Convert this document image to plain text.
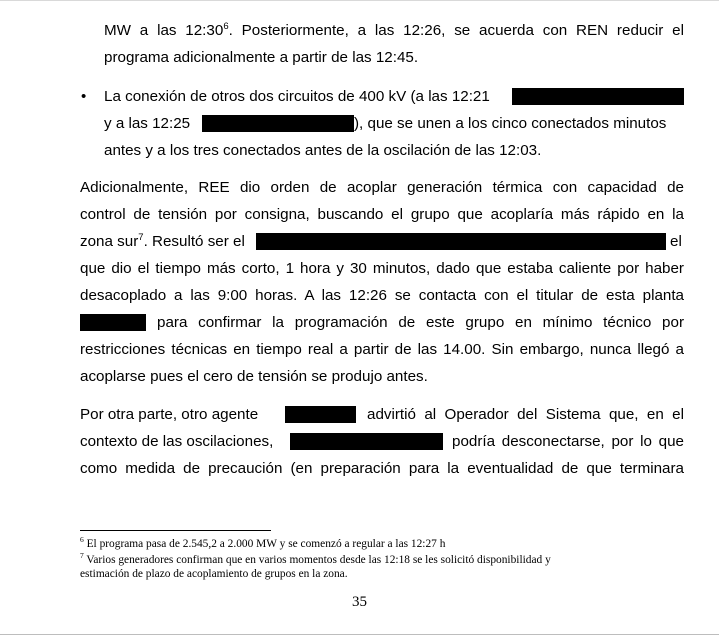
MW a las $12:30^6$. Posteriormente, a las 12:26, se acuerda con REN reducir el
programa adicionalmente a partir de las 12:45.
• La conexión de otros dos circuitos de 400 kV (a las 12:21
y a las 12:25	), que se unen a los cinco conectados minutos
antes y a los tres conectados antes de la oscilación de las 12:03.
Adicionalmente, REE dio orden de acoplar generación térmica con capacidad de
control de tensión por consigna, buscando el grupo que acoplaría más rápido en la
zona sur$^7$. Resultó ser el	el
que dio el tiempo más corto, 1 hora y 30 minutos, dado que estaba caliente por haber
desacoplado a las 9:00 horas. A las 12:26 se contacta con el titular de esta planta
para confirmar la programación de este grupo en mínimo técnico por
restricciones técnicas en tiempo real a partir de las 14.00. Sin embargo, nunca llegó a
acoplarse pues el cero de tensión se produjo antes.
Por otra parte, otro agente	advirtió al Operador del Sistema que, en el
contexto de las oscilaciones,	podría desconectarse, por lo que
como medida de precaución (en preparación para la eventualidad de que terminara
$^6$ El programa pasa de 2.545,2 a 2.000 MW y se comenzó a regular a las 12:27 h
$^7$ Varios generadores confirman que en varios momentos desde las 12:18 se les solicitó disponibilidad y
estimación de plazo de acoplamiento de grupos en la zona.
35
